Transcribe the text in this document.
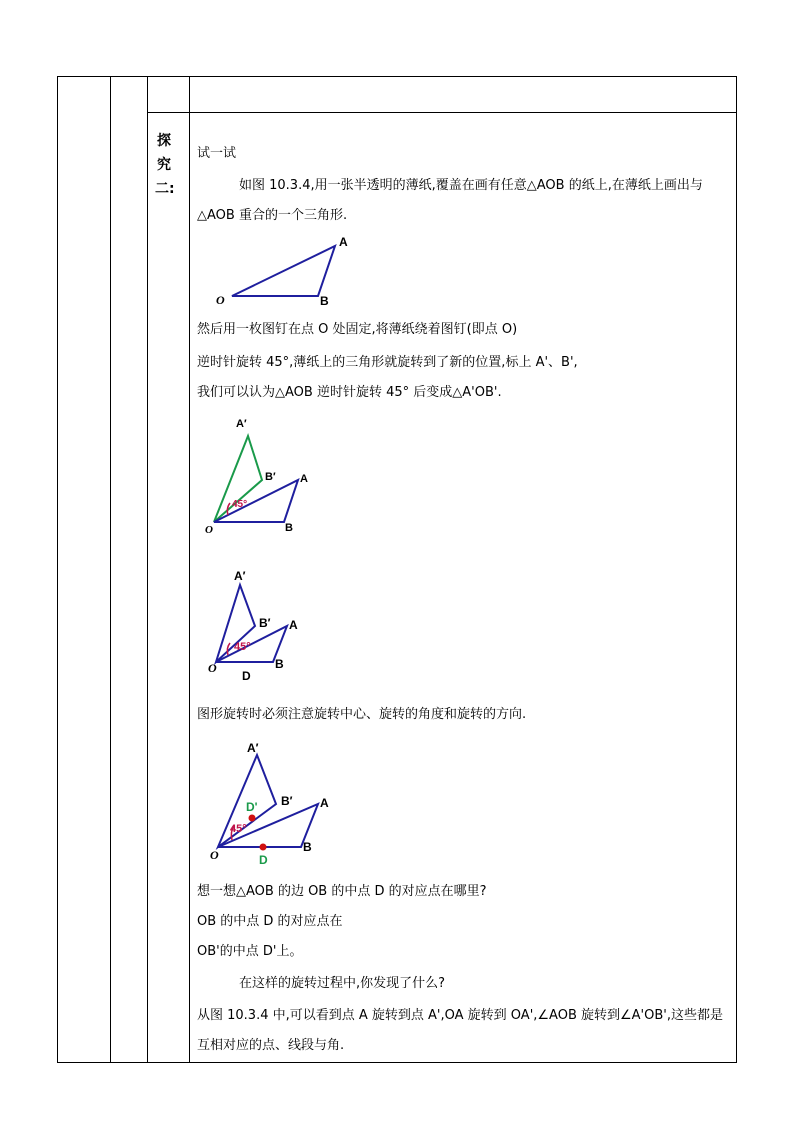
探
究
二:
试一试
如图 10.3.4,用一张半透明的薄纸,覆盖在画有任意△AOB 的纸上,在薄纸上画出与
△AOB 重合的一个三角形.
然后用一枚图钉在点 O 处固定,将薄纸绕着图钉(即点 O)
逆时针旋转 45°,薄纸上的三角形就旋转到了新的位置,标上 A'、B',
我们可以认为△AOB 逆时针旋转 45° 后变成△A'OB'.
图形旋转时必须注意旋转中心、旋转的角度和旋转的方向.
想一想△AOB 的边 OB 的中点 D 的对应点在哪里?
OB 的中点 D 的对应点在
OB'的中点 D'上。
在这样的旋转过程中,你发现了什么?
从图 10.3.4 中,可以看到点 A 旋转到点 A',OA 旋转到 OA',∠AOB 旋转到∠A'OB',这些都是
互相对应的点、线段与角.
A
B
O
45°
A′
B′ A
B
O
45°
A′
B′ A
B
O
D
45°
A′
B′ A
B
O
D'
D
